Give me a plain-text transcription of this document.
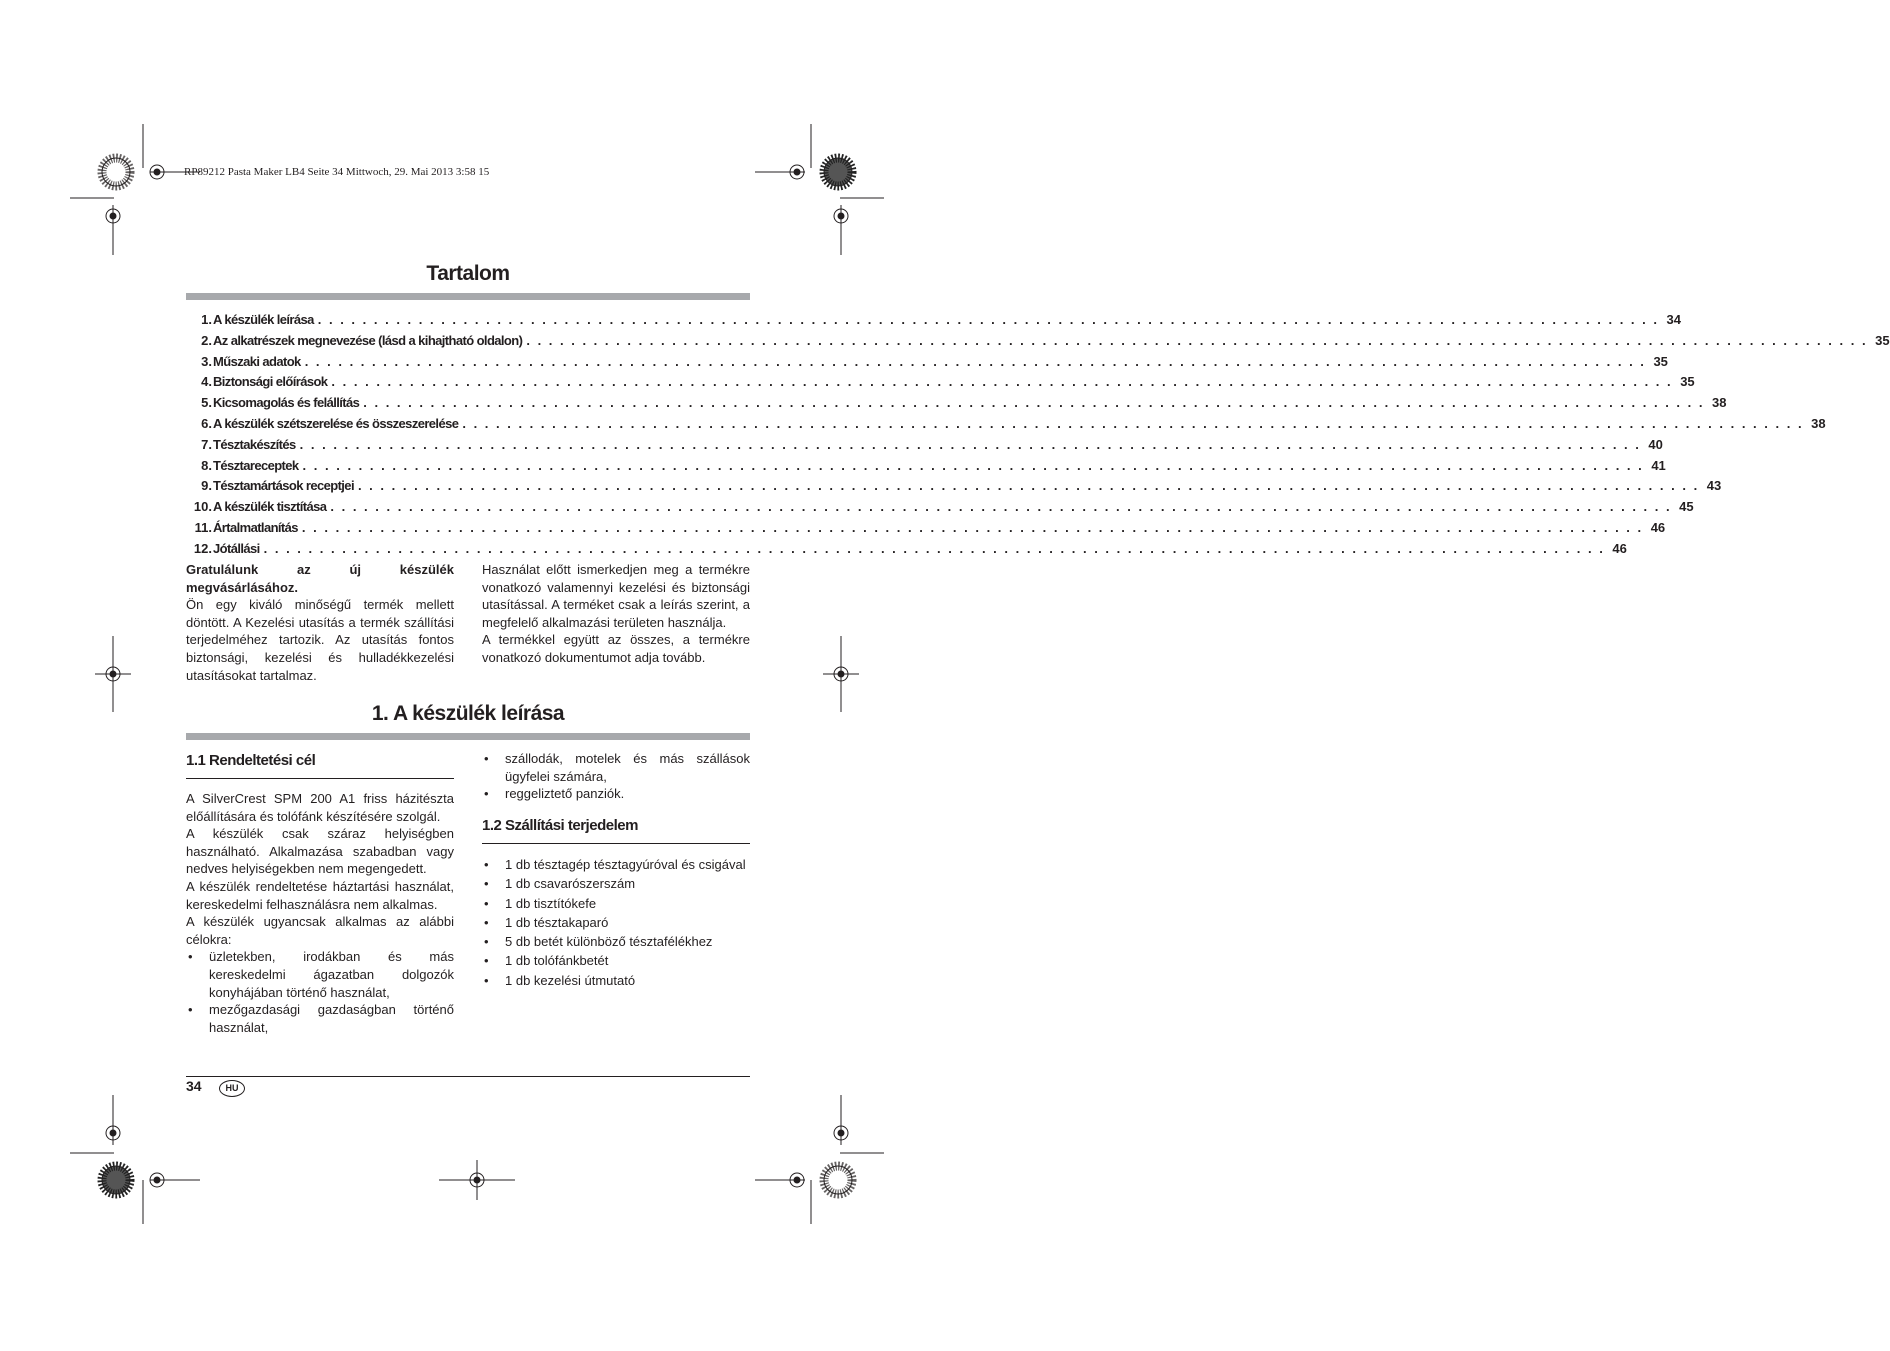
RP89212 Pasta Maker LB4 Seite 34 Mittwoch, 29. Mai 2013 3:58 15
Tartalom
1. A készülék leírása . . . . . . . . . . . . . . . . . . . . . . . . . . . . . . . . . . . . . . . . . . . . . . . . . . . . . . . . . . . . . . . . . . . . . . . . . . . . . . . . . . . . . . . . . . . . . . . . . . . . . . . . . . . . . . . . . . . . . . . . 34
2. Az alkatrészek megnevezése (lásd a kihajtható oldalon) . . . . . . . . . . . . . . . . . . . . . . . . . . . . . . . . . . . . . . . . . . . . . . . . . . . . . . . . . . . . . . . . . . . . . . . . . . . . . . . . . . . . . . . . . . . . . . . . . . . . . . . . . . . . . . . . . . . . . . . . 35
3. Műszaki adatok . . . . . . . . . . . . . . . . . . . . . . . . . . . . . . . . . . . . . . . . . . . . . . . . . . . . . . . . . . . . . . . . . . . . . . . . . . . . . . . . . . . . . . . . . . . . . . . . . . . . . . . . . . . . . . . . . . . . . . . . 35
4. Biztonsági előírások . . . . . . . . . . . . . . . . . . . . . . . . . . . . . . . . . . . . . . . . . . . . . . . . . . . . . . . . . . . . . . . . . . . . . . . . . . . . . . . . . . . . . . . . . . . . . . . . . . . . . . . . . . . . . . . . . . . . . . . . 35
5. Kicsomagolás és felállítás . . . . . . . . . . . . . . . . . . . . . . . . . . . . . . . . . . . . . . . . . . . . . . . . . . . . . . . . . . . . . . . . . . . . . . . . . . . . . . . . . . . . . . . . . . . . . . . . . . . . . . . . . . . . . . . . . . . . . . . . 38
6. A készülék szétszerelése és összeszerelése . . . . . . . . . . . . . . . . . . . . . . . . . . . . . . . . . . . . . . . . . . . . . . . . . . . . . . . . . . . . . . . . . . . . . . . . . . . . . . . . . . . . . . . . . . . . . . . . . . . . . . . . . . . . . . . . . . . . . . . . 38
7. Tésztakészítés . . . . . . . . . . . . . . . . . . . . . . . . . . . . . . . . . . . . . . . . . . . . . . . . . . . . . . . . . . . . . . . . . . . . . . . . . . . . . . . . . . . . . . . . . . . . . . . . . . . . . . . . . . . . . . . . . . . . . . . . 40
8. Tésztareceptek . . . . . . . . . . . . . . . . . . . . . . . . . . . . . . . . . . . . . . . . . . . . . . . . . . . . . . . . . . . . . . . . . . . . . . . . . . . . . . . . . . . . . . . . . . . . . . . . . . . . . . . . . . . . . . . . . . . . . . . . 41
9. Tésztamártások receptjei . . . . . . . . . . . . . . . . . . . . . . . . . . . . . . . . . . . . . . . . . . . . . . . . . . . . . . . . . . . . . . . . . . . . . . . . . . . . . . . . . . . . . . . . . . . . . . . . . . . . . . . . . . . . . . . . . . . . . . . . 43
10. A készülék tisztítása . . . . . . . . . . . . . . . . . . . . . . . . . . . . . . . . . . . . . . . . . . . . . . . . . . . . . . . . . . . . . . . . . . . . . . . . . . . . . . . . . . . . . . . . . . . . . . . . . . . . . . . . . . . . . . . . . . . . . . . . 45
11. Ártalmatlanítás . . . . . . . . . . . . . . . . . . . . . . . . . . . . . . . . . . . . . . . . . . . . . . . . . . . . . . . . . . . . . . . . . . . . . . . . . . . . . . . . . . . . . . . . . . . . . . . . . . . . . . . . . . . . . . . . . . . . . . . . 46
12. Jótállási . . . . . . . . . . . . . . . . . . . . . . . . . . . . . . . . . . . . . . . . . . . . . . . . . . . . . . . . . . . . . . . . . . . . . . . . . . . . . . . . . . . . . . . . . . . . . . . . . . . . . . . . . . . . . . . . . . . . . . . . 46

Gratulálunk az új készülék megvásárlásához.

Ön egy kiváló minőségű termék mellett döntött. A Kezelési utasítás a termék szállítási terjedelméhez tartozik. Az utasítás fontos biztonsági, kezelési és hulladékkezelési utasításokat tartalmaz.

Használat előtt ismerkedjen meg a termékre vonatkozó valamennyi kezelési és biztonsági utasítással. A terméket csak a leírás szerint, a megfelelő alkalmazási területen használja.

A termékkel együtt az összes, a termékre vonatkozó dokumentumot adja tovább.

1. A készülék leírása
1.1 Rendeltetési cél

A SilverCrest SPM 200 A1 friss házitészta előállítására és tolófánk készítésére szolgál.

A készülék csak száraz helyiségben használható. Alkalmazása szabadban vagy nedves helyiségekben nem megengedett.

A készülék rendeltetése háztartási használat, kereskedelmi felhasználásra nem alkalmas.

A készülék ugyancsak alkalmas az alábbi célokra:

• üzletekben, irodákban és más kereskedelmi ágazatban dolgozók konyhájában történő használat,
• mezőgazdasági gazdaságban történő használat,
• szállodák, motelek és más szállások ügyfelei számára,
• reggeliztető panziók.
1.2 Szállítási terjedelem
• 1 db tésztagép tésztagyúróval és csigával
• 1 db csavarószerszám
• 1 db tisztítókefe
• 1 db tésztakaparó
• 5 db betét különböző tésztafélékhez
• 1 db tolófánkbetét
• 1 db kezelési útmutató
34	HU
